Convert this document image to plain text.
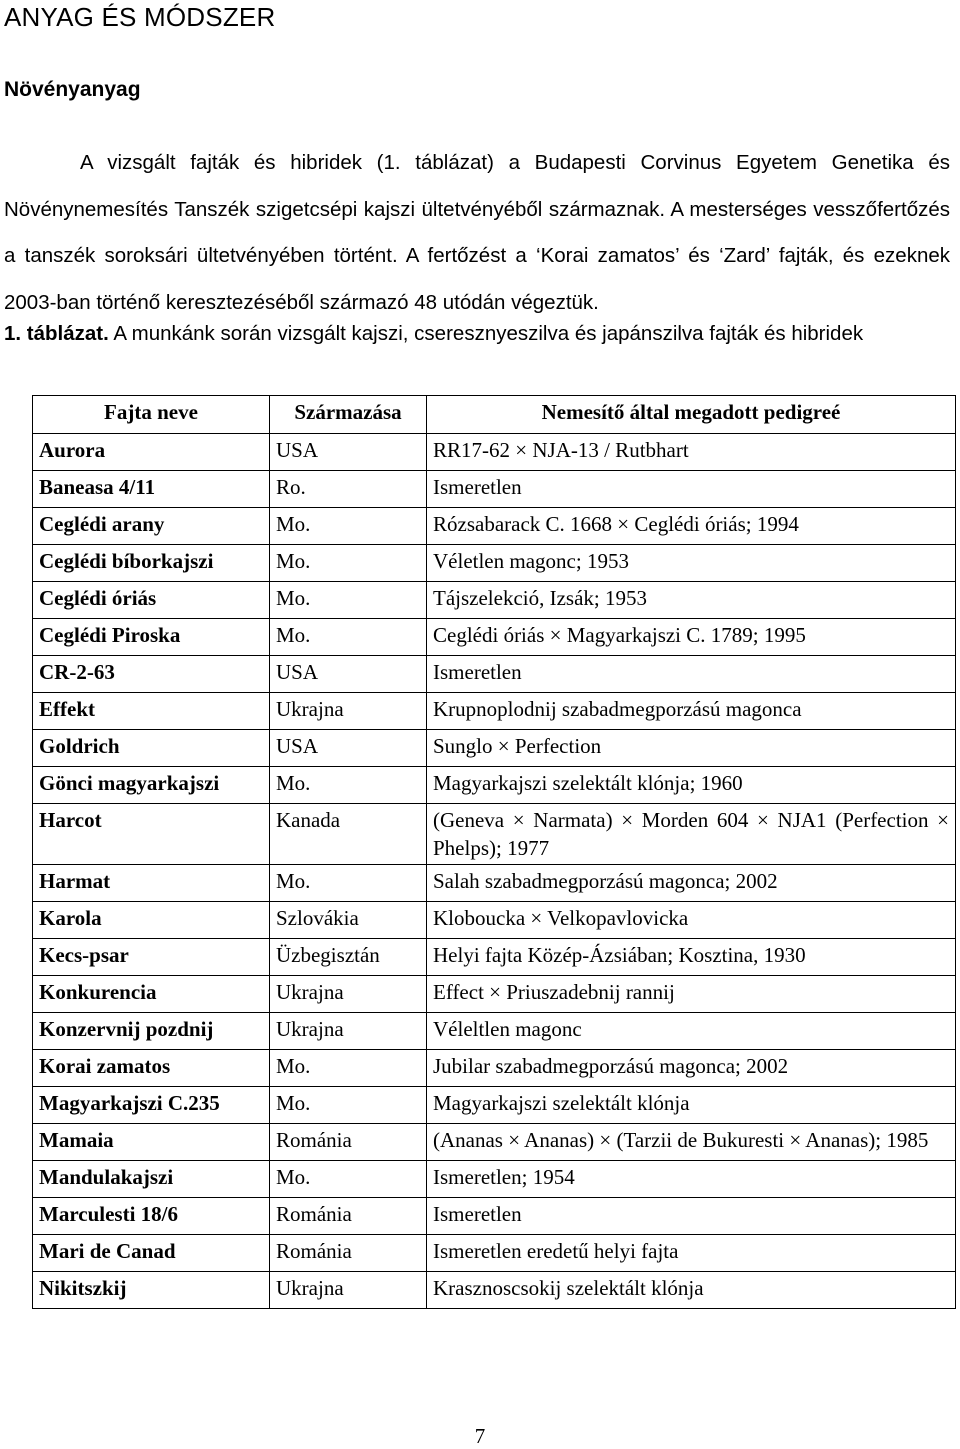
ANYAG ÉS MÓDSZER
Növényanyag

A vizsgált fajták és hibridek (1. táblázat) a Budapesti Corvinus Egyetem Genetika és Növénynemesítés Tanszék szigetcsépi kajszi ültetvényéből származnak. A mesterséges vesszőfertőzés a tanszék soroksári ültetvényében történt. A fertőzést a ‘Korai zamatos’ és ‘Zard’ fajták, és ezeknek 2003-ban történő keresztezéséből származó 48 utódán végeztük.

1. táblázat. A munkánk során vizsgált kajszi, cseresznyeszilva és japánszilva fajták és hibridek

Fajta neve	Származása	Nemesítő által megadott pedigreé
Aurora	USA	RR17-62 × NJA-13 / Rutbhart
Baneasa 4/11	Ro.	Ismeretlen
Ceglédi arany	Mo.	Rózsabarack C. 1668 × Ceglédi óriás; 1994
Ceglédi bíborkajszi	Mo.	Véletlen magonc; 1953
Ceglédi óriás	Mo.	Tájszelekció, Izsák; 1953
Ceglédi Piroska	Mo.	Ceglédi óriás × Magyarkajszi C. 1789; 1995
CR-2-63	USA	Ismeretlen
Effekt	Ukrajna	Krupnoplodnij szabadmegporzású magonca
Goldrich	USA	Sunglo × Perfection
Gönci magyarkajszi	Mo.	Magyarkajszi szelektált klónja; 1960
Harcot	Kanada	(Geneva × Narmata) × Morden 604 × NJA1 (Perfection × Phelps); 1977
Harmat	Mo.	Salah szabadmegporzású magonca; 2002
Karola	Szlovákia	Kloboucka × Velkopavlovicka
Kecs-psar	Üzbegisztán	Helyi fajta Közép-Ázsiában; Kosztina, 1930
Konkurencia	Ukrajna	Effect × Priuszadebnij rannij
Konzervnij pozdnij	Ukrajna	Véleltlen magonc
Korai zamatos	Mo.	Jubilar szabadmegporzású magonca; 2002
Magyarkajszi C.235	Mo.	Magyarkajszi szelektált klónja
Mamaia	Románia	(Ananas × Ananas) × (Tarzii de Bukuresti × Ananas); 1985
Mandulakajszi	Mo.	Ismeretlen; 1954
Marculesti 18/6	Románia	Ismeretlen
Mari de Canad	Románia	Ismeretlen eredetű helyi fajta
Nikitszkij	Ukrajna	Krasznoscsokij szelektált klónja
7
